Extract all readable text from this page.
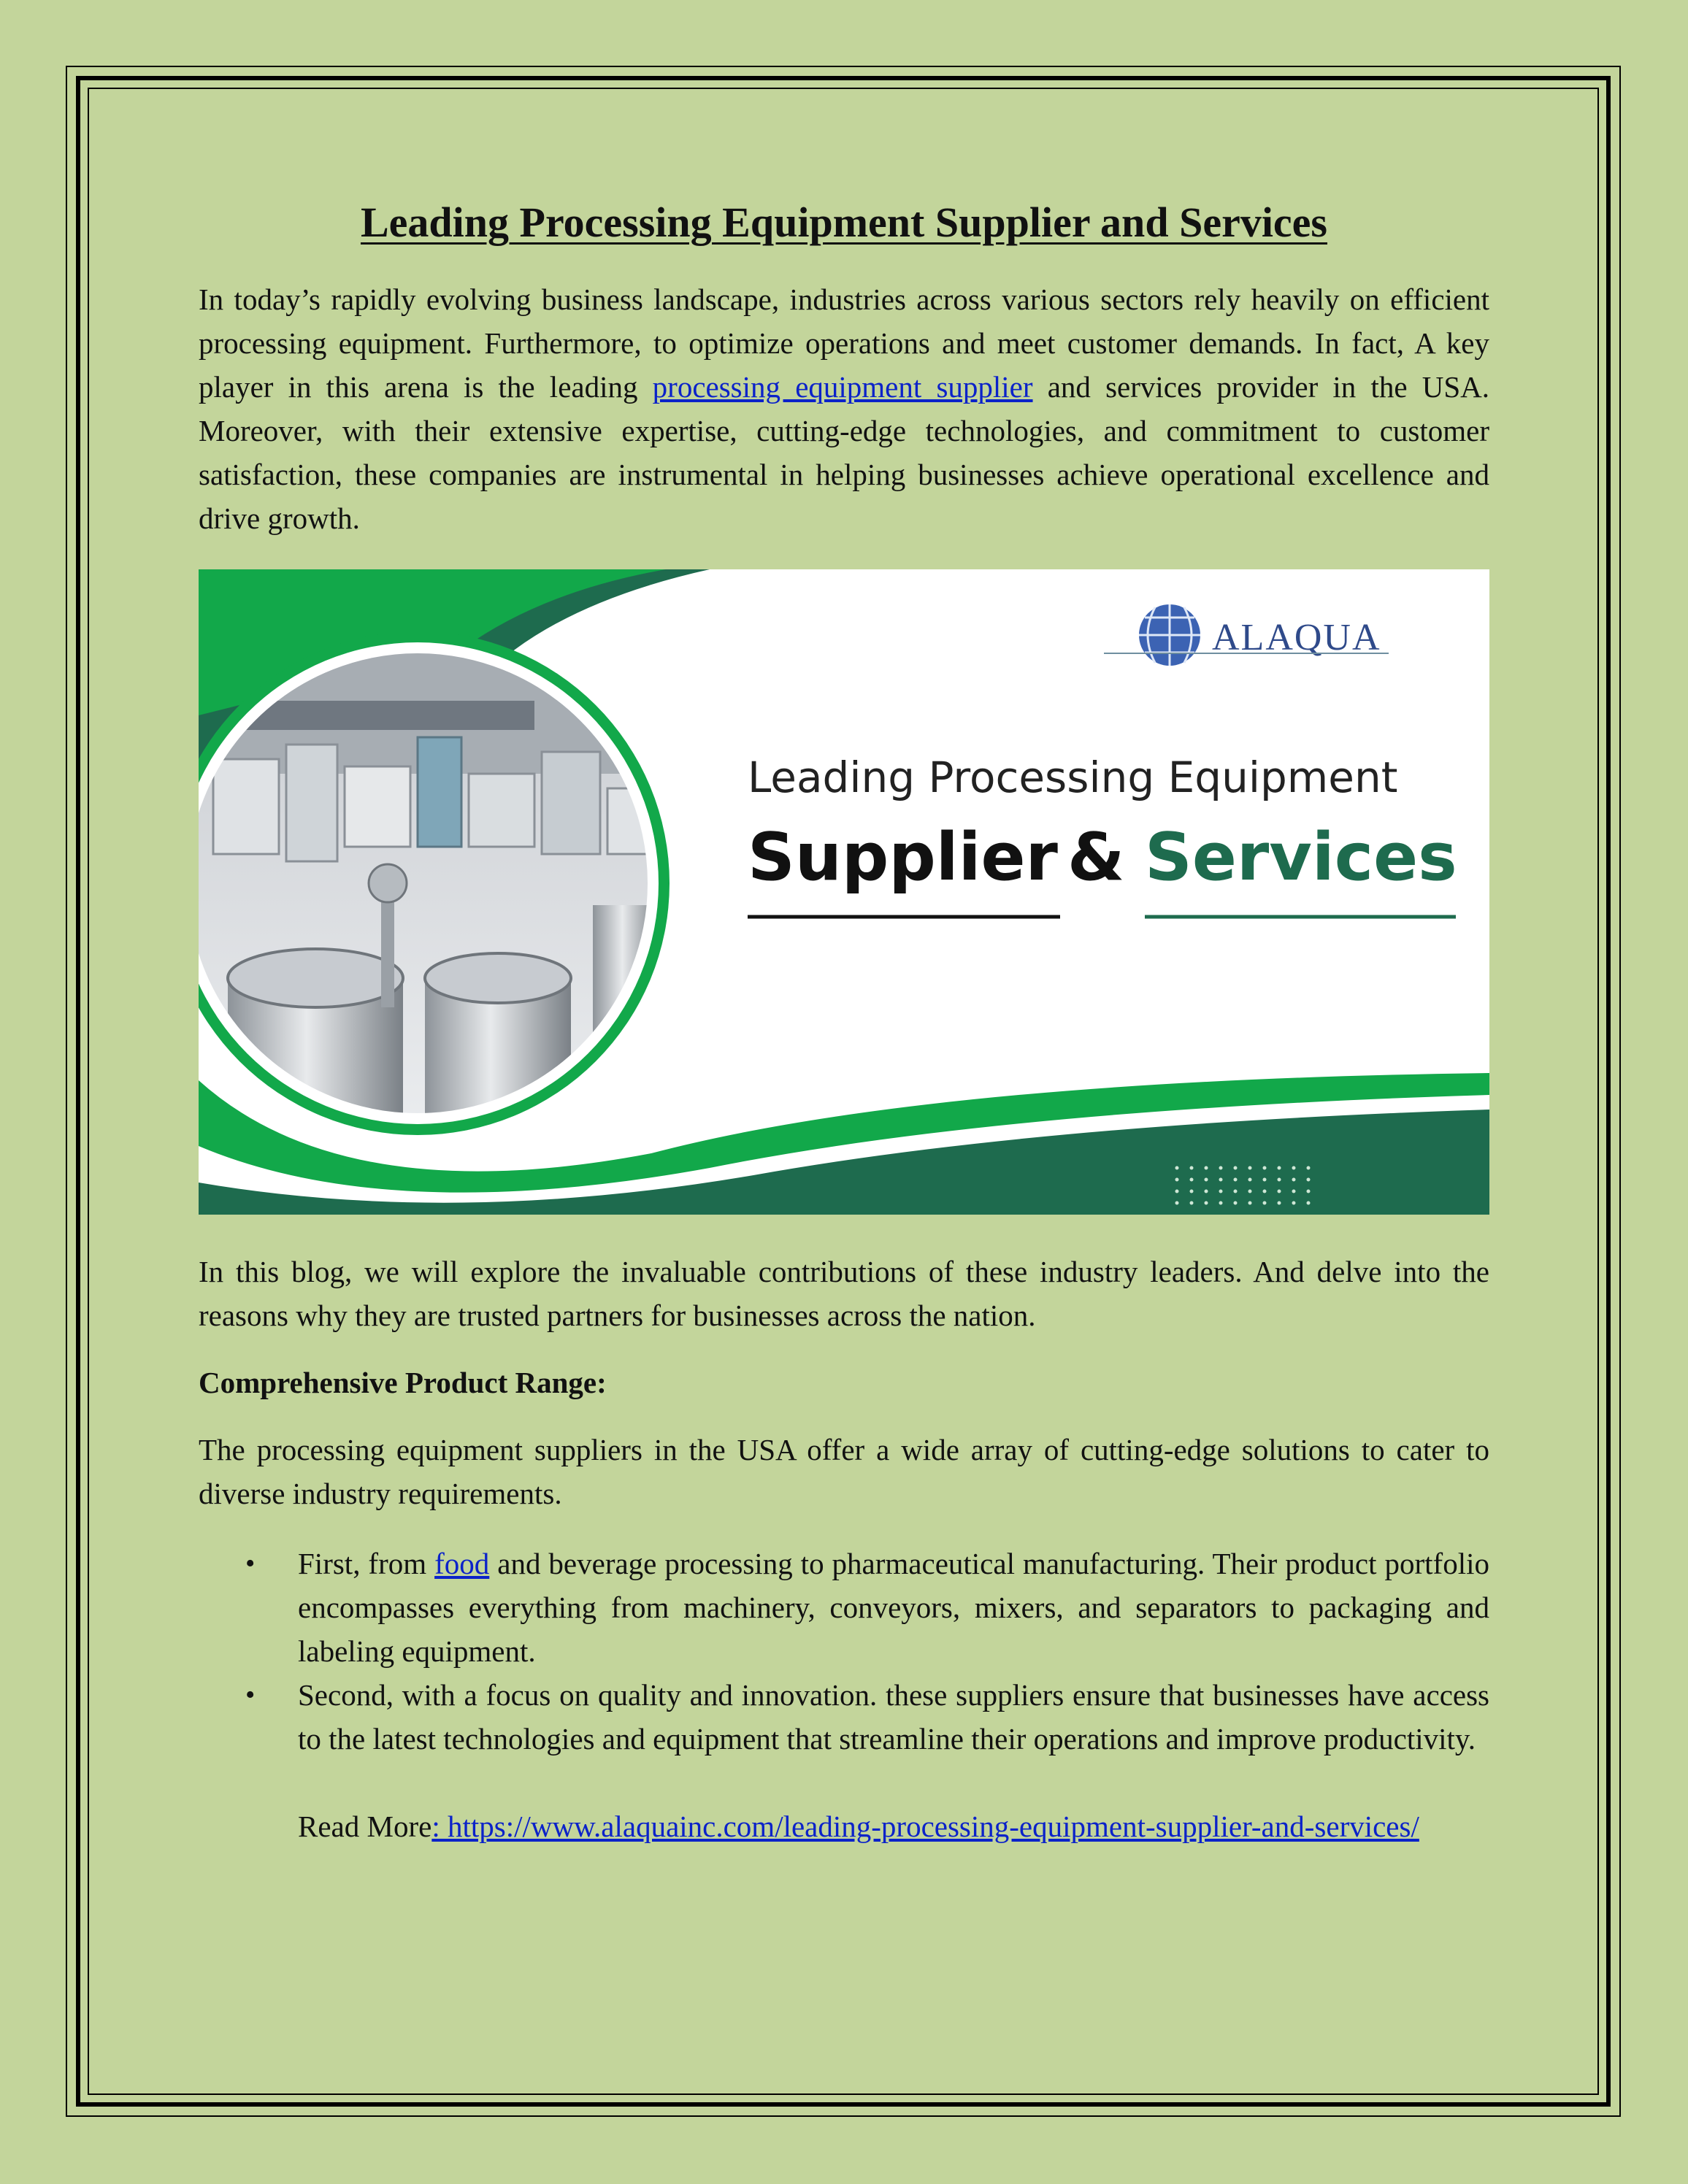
Leading Processing Equipment Supplier and Services

In today’s rapidly evolving business landscape, industries across various sectors rely heavily on efficient processing equipment. Furthermore, to optimize operations and meet customer demands. In fact, A key player in this arena is the leading processing equipment supplier and services provider in the USA. Moreover, with their extensive expertise, cutting-edge technologies, and commitment to customer satisfaction, these companies are instrumental in helping businesses achieve operational excellence and drive growth.

ALAQUA
Leading Processing Equipment
Supplier & Services

In this blog, we will explore the invaluable contributions of these industry leaders. And delve into the reasons why they are trusted partners for businesses across the nation.

Comprehensive Product Range:

The processing equipment suppliers in the USA offer a wide array of cutting-edge solutions to cater to diverse industry requirements.

• First, from food and beverage processing to pharmaceutical manufacturing. Their product portfolio encompasses everything from machinery, conveyors, mixers, and separators to packaging and labeling equipment.
• Second, with a focus on quality and innovation. these suppliers ensure that businesses have access to the latest technologies and equipment that streamline their operations and improve productivity.
Read More: https://www.alaquainc.com/leading-processing-equipment-supplier-and-services/
